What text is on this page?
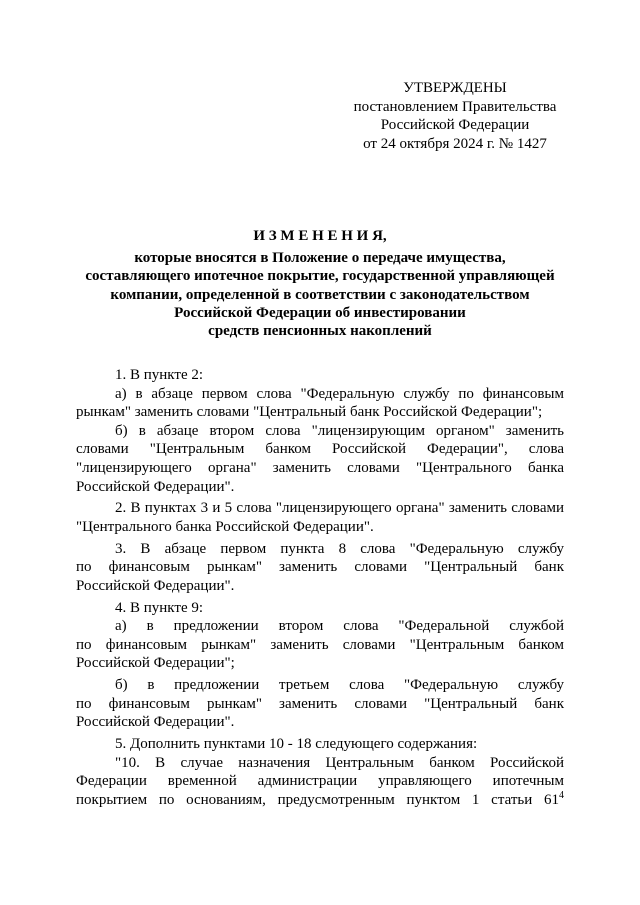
УТВЕРЖДЕНЫ
постановлением Правительства
Российской Федерации
от 24 октября 2024 г. № 1427
И З М Е Н Е Н И Я,
которые вносятся в Положение о передаче имущества,
составляющего ипотечное покрытие, государственной управляющей
компании, определенной в соответствии с законодательством
Российской Федерации об инвестировании
средств пенсионных накоплений
1. В пункте 2:
а) в абзаце первом слова "Федеральную службу по финансовым
рынкам" заменить словами "Центральный банк Российской Федерации";
б) в абзаце втором слова "лицензирующим органом" заменить
словами "Центральным банком Российской Федерации", слова
"лицензирующего органа" заменить словами "Центрального банка
Российской Федерации".
2. В пунктах 3 и 5 слова "лицензирующего органа" заменить словами
"Центрального банка Российской Федерации".
3. В абзаце первом пункта 8 слова "Федеральную службу
по финансовым рынкам" заменить словами "Центральный банк
Российской Федерации".
4. В пункте 9:
а) в предложении втором слова "Федеральной службой
по финансовым рынкам" заменить словами "Центральным банком
Российской Федерации";
б) в предложении третьем слова "Федеральную службу
по финансовым рынкам" заменить словами "Центральный банк
Российской Федерации".
5. Дополнить пунктами 10 - 18 следующего содержания:
"10. В случае назначения Центральным банком Российской
Федерации временной администрации управляющего ипотечным
покрытием по основаниям, предусмотренным пунктом 1 статьи $61^4$
